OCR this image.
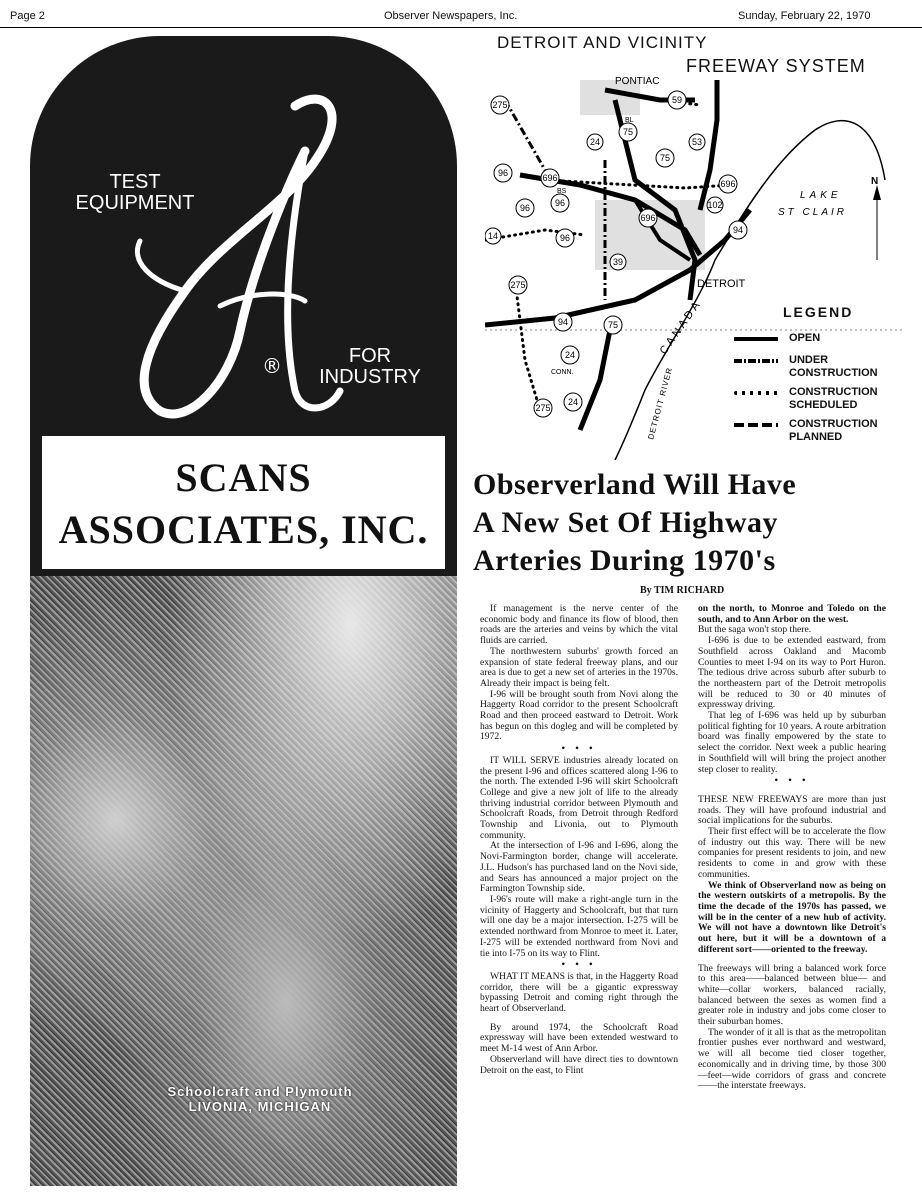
Page 2	Observer Newspapers, Inc.	Sunday, February 22, 1970
TEST
EQUIPMENT
SA
®	FOR
INDUSTRY
SCANS
ASSOCIATES, INC.
Schoolcraft and Plymouth
LIVONIA, MICHIGAN
DETROIT AND VICINITY
FREEWAY SYSTEM
275	59
75
24	53
75
96	696
96	96
696
102
14	96
696
94
39
275
94	75
24
275
24
PONTIAC
DETROIT
LAKE
ST CLAIR
N
CONN.
BL
BS
CANADA
DETROIT RIVER
LEGEND
OPEN

UNDER
CONSTRUCTION

CONSTRUCTION
SCHEDULED

CONSTRUCTION
PLANNED

Observerland Will Have
A New Set Of Highway
Arteries During 1970's
By TIM RICHARD

If management is the nerve center of the economic body and finance its flow of blood, then roads are the arteries and veins by which the vital fluids are carried.

The northwestern suburbs' growth forced an expansion of state federal freeway plans, and our area is due to get a new set of arteries in the 1970s. Already their impact is being felt.

I-96 will be brought south from Novi along the Haggerty Road corridor to the present Schoolcraft Road and then proceed eastward to Detroit. Work has begun on this dogleg and will be completed by 1972.

• • •

IT WILL SERVE industries already located on the present I-96 and offices scattered along I-96 to the north. The extended I-96 will skirt Schoolcraft College and give a new jolt of life to the already thriving industrial corridor between Plymouth and Schoolcraft Roads, from Detroit through Redford Township and Livonia, out to Plymouth community.

At the intersection of I-96 and I-696, along the Novi-Farmington border, change will accelerate. J.L. Hudson's has purchased land on the Novi side, and Sears has announced a major project on the Farmington Township side.

I-96's route will make a right-angle turn in the vicinity of Haggerty and Schoolcraft, but that turn will one day be a major intersection. I-275 will be extended northward from Monroe to meet it. Later, I-275 will be extended northward from Novi and tie into I-75 on its way to Flint.

• • •

WHAT IT MEANS is that, in the Haggerty Road corridor, there will be a gigantic expressway bypassing Detroit and coming right through the heart of Observerland.

By around 1974, the Schoolcraft Road expressway will have been extended westward to meet M-14 west of Ann Arbor.

Observerland will have direct ties to downtown Detroit on the east, to Flint

on the north, to Monroe and Toledo on the south, and to Ann Arbor on the west.

But the saga won't stop there.

I-696 is due to be extended eastward, from Southfield across Oakland and Macomb Counties to meet I-94 on its way to Port Huron. The tedious drive across suburb after suburb to the northeastern part of the Detroit metropolis will be reduced to 30 or 40 minutes of expressway driving.

That leg of I-696 was held up by suburban political fighting for 10 years. A route arbitration board was finally empowered by the state to select the corridor. Next week a public hearing in Southfield will will bring the project another step closer to reality.

• • •

THESE NEW FREEWAYS are more than just roads. They will have profound industrial and social implications for the suburbs.

Their first effect will be to accelerate the flow of industry out this way. There will be new companies for present residents to join, and new residents to come in and grow with these communities.

We think of Observerland now as being on the western outskirts of a metropolis. By the time the decade of the 1970s has passed, we will be in the center of a new hub of activity. We will not have a downtown like Detroit's out here, but it will be a downtown of a different sort——oriented to the freeway.

The freeways will bring a balanced work force to this area——balanced between blue— and white—collar workers, balanced racially, balanced between the sexes as women find a greater role in industry and jobs come closer to their suburban homes.

The wonder of it all is that as the metropolitan frontier pushes ever northward and westward, we will all become tied closer together, economically and in driving time, by those 300—feet—wide corridors of grass and concrete——the interstate freeways.
